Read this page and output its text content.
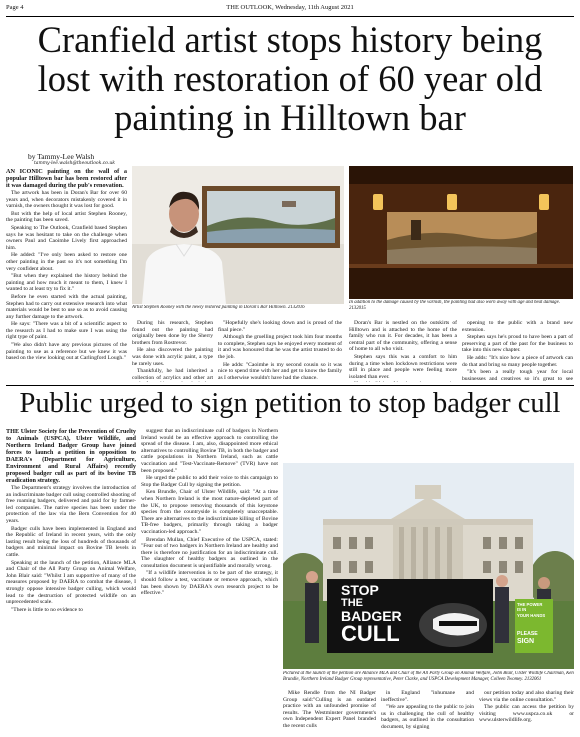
Page 4	THE OUTLOOK, Wednesday, 11th August 2021
Cranfield artist stops history being lost with restoration of 60 year old painting in Hilltown bar
by Tammy-Lee Walsh
tammy-lee.walsh@theoutlook.co.uk

AN ICONIC painting on the wall of a popular Hilltown bar has been restored after it was damaged during the pub's renovation.

The artwork has been in Doran's Bar for over 60 years and, when decorators mistakenly covered it in varnish, the owners thought it was lost for good.

But with the help of local artist Stephen Rooney, the painting has been saved.

Speaking to The Outlook, Cranfield based Stephen says he was hesitant to take on the challenge when owners Paul and Caoimhe Lively first approached him.

He added: "I've only been asked to restore one other painting in the past so it's not something I'm very confident about.

"But when they explained the history behind the painting and how much it meant to them, I knew I wanted to at least try to fix it."

Before he even started with the actual painting, Stephen had to carry out extensive research into what materials would be best to use so as to avoid causing any further damage to the artwork.

He says: "There was a bit of a scientific aspect to the research as I had to make sure I was using the right type of paint.

"We also didn't have any previous pictures of the painting to use as a reference but we knew it was based on the view looking out at Carlingford Lough."

Artist Stephen Rooney with the newly restored painting in Doran's Bar Hilltown. 2132016
In addition to the damage caused by the varnish, the painting had also worn away with age and heat damage. 2132015

During his research, Stephen found out the painting had originally been done by the Sherry brothers from Rostrevor.

He also discovered the painting was done with acrylic paint, a type he rarely uses.

Thankfully, he had inherited a collection of acrylics and other art

"Hopefully she's looking down and is proud of the final piece."

Although the gruelling project took him four months to complete, Stephen says he enjoyed every moment of it and was honoured that he was the artist trusted to do the job.

He adds: "Caoimhe is my second cousin so it was nice to spend time with her and get to know the family as I otherwise wouldn't have had the chance.

Doran's Bar is nestled on the outskirts of Hilltown and is attached to the home of the family who run it. For decades, it has been a central part of the community, offering a sense of home to all who visit.

Stephen says this was a comfort to him during a time when lockdown restrictions were still in place and people were feeling more isolated than ever.

opening to the public with a brand new extension.

Stephen says he's proud to have been a part of preserving a part of the past for the business to take into this new chapter.

He adds: "It's nice how a piece of artwork can do that and bring so many people together.

"It's been a really tough year for local businesses and creatives so it's great to see

Public urged to sign petition to stop badger cull

THE Ulster Society for the Prevention of Cruelty to Animals (USPCA), Ulster Wildlife, and Northern Ireland Badger Group have joined forces to launch a petition in opposition to DAERA's (Department for Agriculture, Environment and Rural Affairs) recently proposed badger cull as part of its bovine TB eradication strategy.

The Department's strategy involves the introduction of an indiscriminate badger cull using controlled shooting of free roaming badgers, delivered and paid for by farmer-led companies. The native species has been under the protection of the law via the Bern Convention for 40 years.

Badger culls have been implemented in England and the Republic of Ireland in recent years, with the only lasting result being the loss of hundreds of thousands of badgers and minimal impact on Bovine TB levels in cattle.

Speaking at the launch of the petition, Alliance MLA and Chair of the All Party Group on Animal Welfare, John Blair said: "Whilst I am supportive of many of the measures proposed by DAERA to combat the disease, I strongly oppose intensive badger culling, which would lead to the destruction of protected wildlife on an unprecedented scale.

"There is little to no evidence to

suggest that an indiscriminate cull of badgers in Northern Ireland would be an effective approach to controlling the spread of the disease. I am, also, disappointed more ethical alternatives to controlling Bovine TB, in both the badger and cattle populations in Northern Ireland, such as cattle vaccination and "Test-Vaccinate-Remove" (TVR) have not been proposed."

He urged the public to add their voice to this campaign to Stop the Badger Cull by signing the petition.

Ken Brundle, Chair of Ulster Wildlife, said: "At a time when Northern Ireland is the most nature-depleted part of the UK, to propose removing thousands of this keystone species from the countryside is completely unacceptable. There are alternatives to the indiscriminate killing of Bovine TB-free badgers, primarily through taking a badger vaccination-led approach."

Brendan Mullan, Chief Executive of the USPCA, stated: "Fear out of two badgers in Northern Ireland are healthy and there is therefore no justification for an indiscriminate cull. The slaughter of healthy badgers as outlined in the consultation document is unjustifiable and morally wrong.

"If a wildlife intervention is to be part of the strategy, it should follow a test, vaccinate or remove approach, which has been shown by DAERA's own research project to be effective."	STOP
THE
BADGER
CULL
THE POWER
IS IN
YOUR HANDS
PLEASE
SIGN
Pictured at the launch of the petition are Alliance MLA and Chair of the All Party Group on Animal Welfare, John Blair, Ulster Wildlife Chairman, Ken Brundle, Northern Ireland Badger Group representative, Peter Clarke, and USPCA Development Manager, Colleen Twomey. 2132061

Mike Rendle from the NI Badger Group said:"Culling is an outdated practice with an unfounded promise of results. The Westminster government's own Independent Expert Panel branded the recent culls

in England "inhumane and ineffective".

"We are appealing to the public to join us in challenging the cull of healthy badgers, as outlined in the consultation document, by signing

our petition today and also sharing their views via the online consultation."

The public can access the petition by visiting www.uspca.co.uk or www.ulsterwildlife.org.
